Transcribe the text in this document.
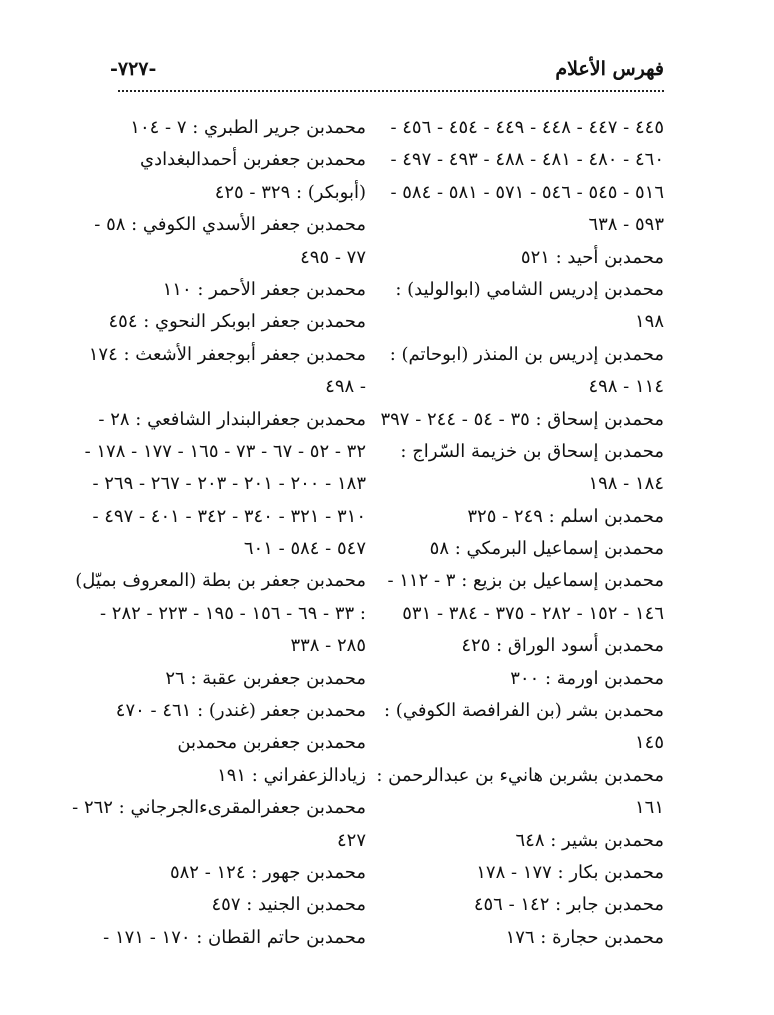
فهرس الأعلام
-٧٢٧-
٤٤٥ - ٤٤٧ - ٤٤٨ - ٤٤٩ - ٤٥٤ - ٤٥٦ -
٤٦٠ - ٤٨٠ - ٤٨١ - ٤٨٨ - ٤٩٣ - ٤٩٧ -
٥١٦ - ٥٤٥ - ٥٤٦ - ٥٧١ - ٥٨١ - ٥٨٤ -
٥٩٣ - ٦٣٨
محمدبن أحيد : ٥٢١
محمدبن إدريس الشامي (ابوالوليد) :
١٩٨
محمدبن إدريس بن المنذر (ابوحاتم) :
١١٤ - ٤٩٨
محمدبن إسحاق : ٣٥ - ٥٤ - ٢٤٤ - ٣٩٧
محمدبن إسحاق بن خزيمة السّراج :
١٨٤ - ١٩٨
محمدبن اسلم : ٢٤٩ - ٣٢٥
محمدبن إسماعيل البرمكي : ٥٨
محمدبن إسماعيل بن بزيع : ٣ - ١١٢ -
١٤٦ - ١٥٢ - ٢٨٢ - ٣٧٥ - ٣٨٤ - ٥٣١
محمدبن أسود الوراق : ٤٢٥
محمدبن اورمة : ٣٠٠
محمدبن بشر (بن الفرافصة الكوفي) :
١٤٥
محمدبن بشربن هانيء بن عبدالرحمن :
١٦١
محمدبن بشير : ٦٤٨
محمدبن بكار : ١٧٧ - ١٧٨
محمدبن جابر : ١٤٢ - ٤٥٦
محمدبن حجارة : ١٧٦
محمدبن جرير الطبري : ٧ - ١٠٤
محمدبن جعفربن أحمدالبغدادي
(أبوبكر) : ٣٢٩ - ٤٢٥
محمدبن جعفر الأسدي الكوفي : ٥٨ -
٧٧ - ٤٩٥
محمدبن جعفر الأحمر : ١١٠
محمدبن جعفر ابوبكر النحوي : ٤٥٤
محمدبن جعفر أبوجعفر الأشعث : ١٧٤
- ٤٩٨
محمدبن جعفرالبندار الشافعي : ٢٨ -
٣٢ - ٥٢ - ٦٧ - ٧٣ - ١٦٥ - ١٧٧ - ١٧٨ -
١٨٣ - ٢٠٠ - ٢٠١ - ٢٠٣ - ٢٦٧ - ٢٦٩ -
٣١٠ - ٣٢١ - ٣٤٠ - ٣٤٢ - ٤٠١ - ٤٩٧ -
٥٤٧ - ٥٨٤ - ٦٠١
محمدبن جعفر بن بطة (المعروف بميّل)
: ٣٣ - ٦٩ - ١٥٦ - ١٩٥ - ٢٢٣ - ٢٨٢ -
٢٨٥ - ٣٣٨
محمدبن جعفربن عقبة : ٢٦
محمدبن جعفر (غندر) : ٤٦١ - ٤٧٠
محمدبن جعفربن محمدبن
زيادالزعفراني : ١٩١
محمدبن جعفرالمقرىءالجرجاني : ٢٦٢ -
٤٢٧
محمدبن جهور : ١٢٤ - ٥٨٢
محمدبن الجنيد : ٤٥٧
محمدبن حاتم القطان : ١٧٠ - ١٧١ -
